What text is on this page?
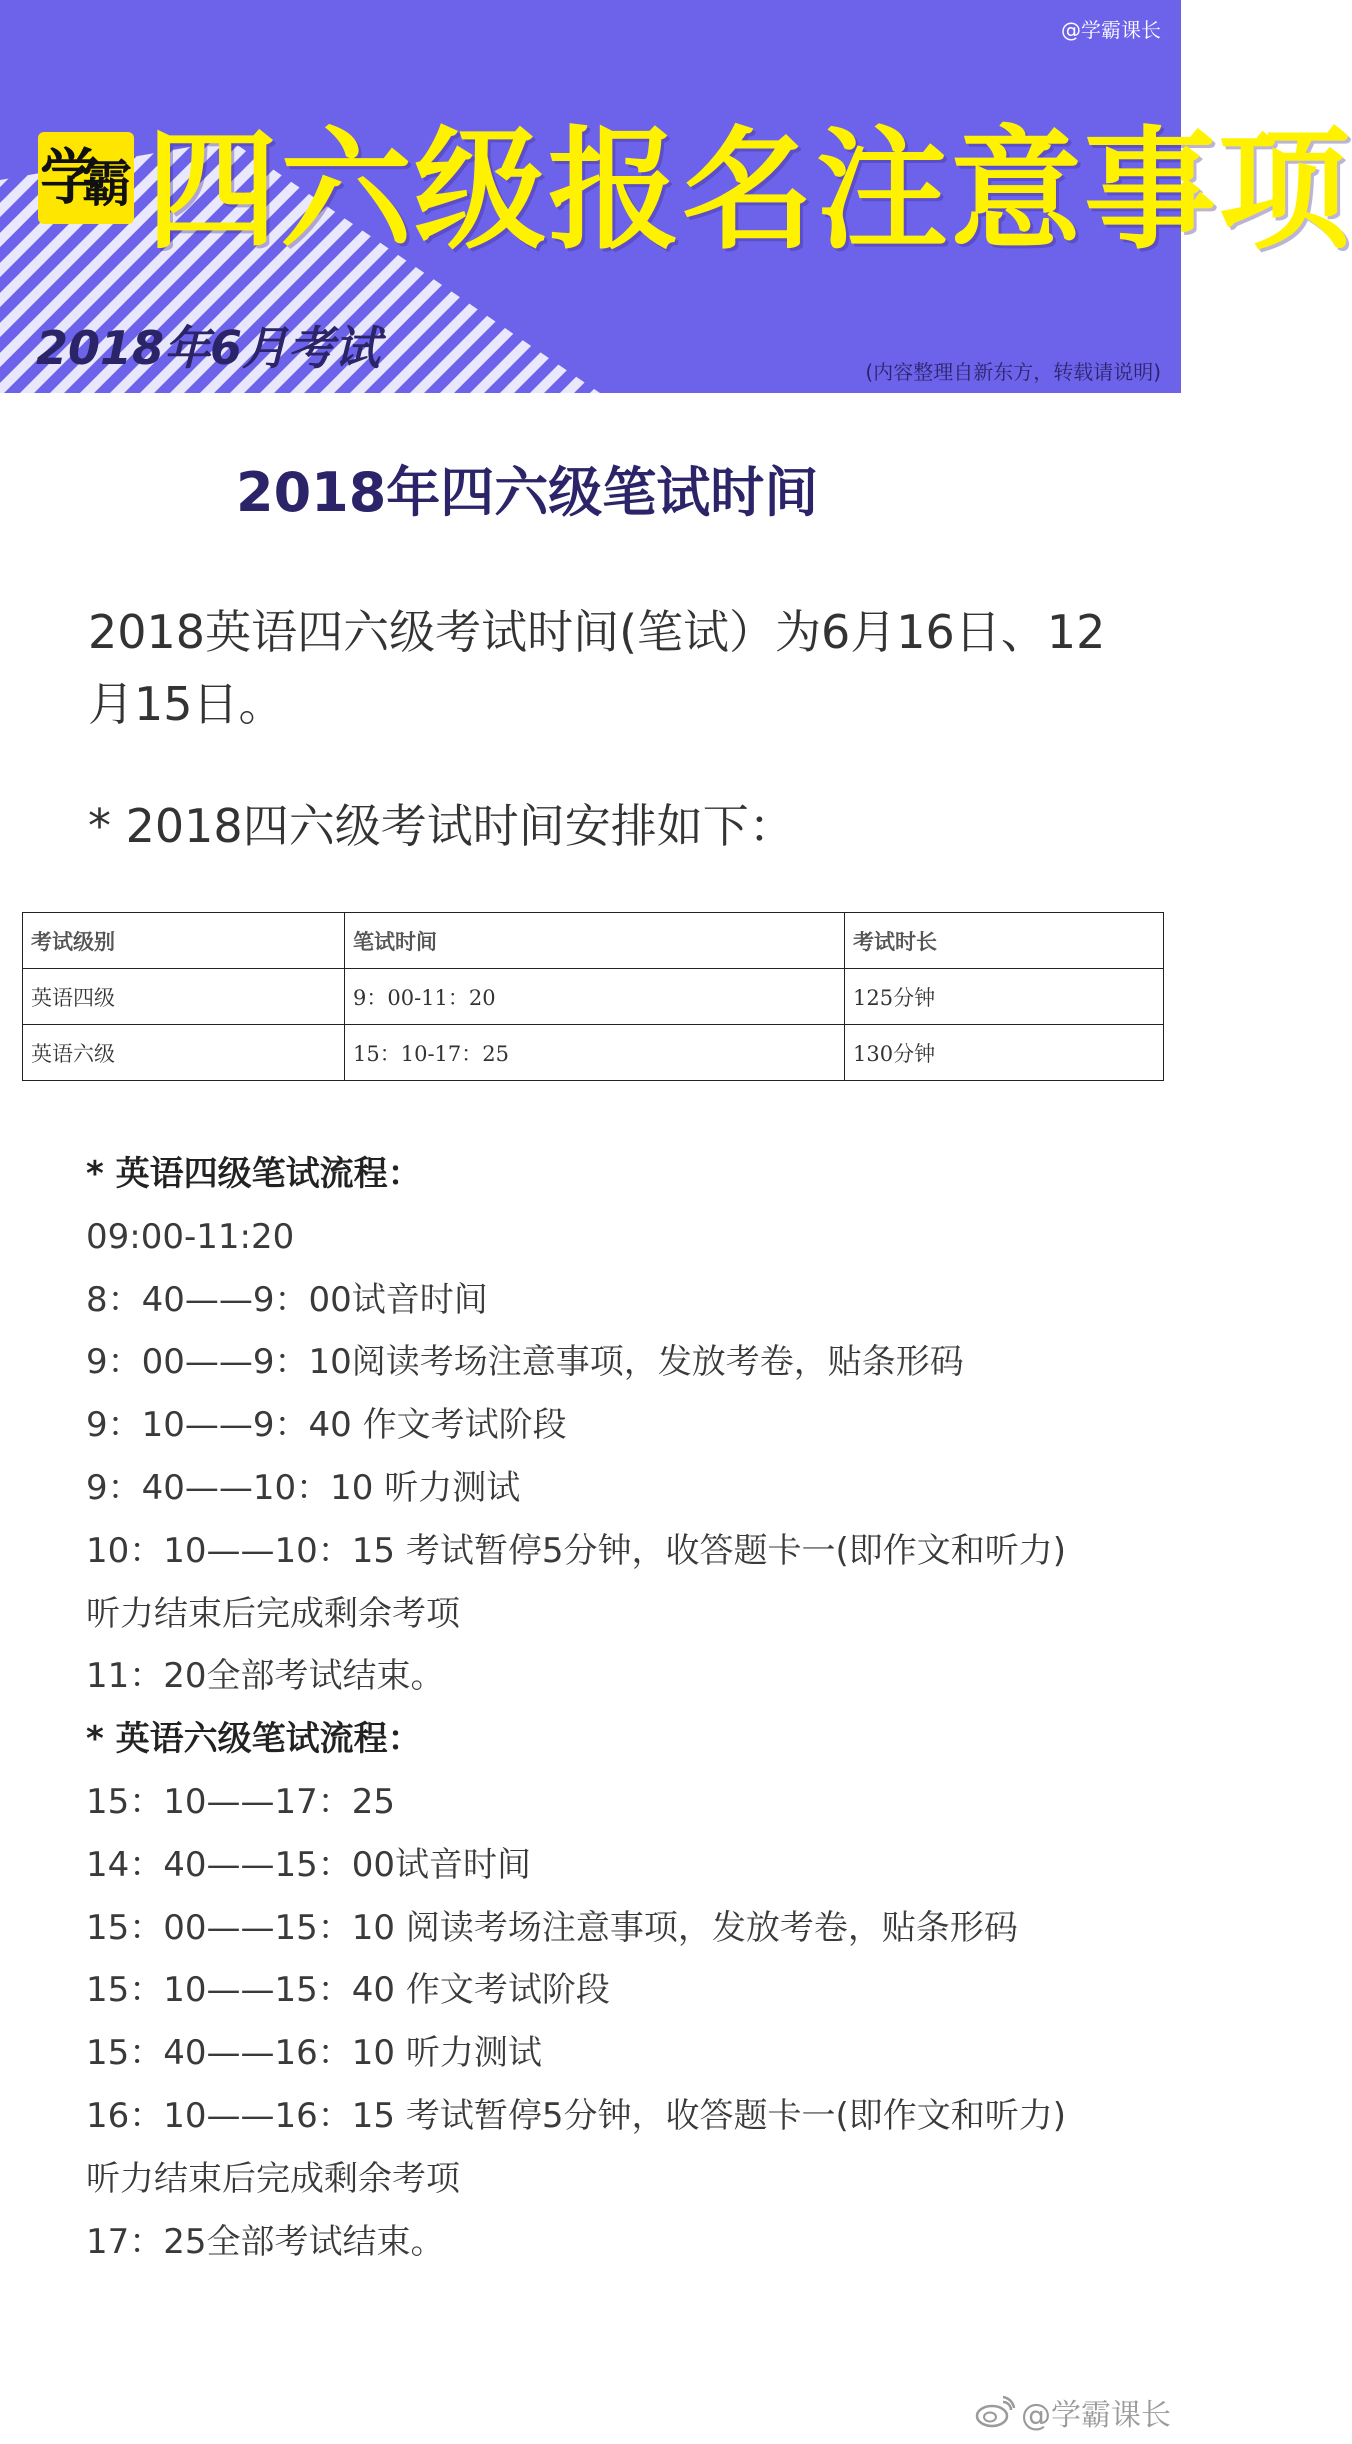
@学霸课长
学
霸 四六级报名注意事项
2018年6月考试	(内容整理自新东方，转载请说明)
2018年四六级笔试时间
2018英语四六级考试时间(笔试）为6月16日、12月15日。
* 2018四六级考试时间安排如下：
考试级别	笔试时间	考试时长
英语四级	9：00-11：20	125分钟
英语六级	15：10-17：25	130分钟
* 英语四级笔试流程：
09:00-11:20
8：40——9：00试音时间
9：00——9：10阅读考场注意事项，发放考卷，贴条形码
9：10——9：40 作文考试阶段
9：40——10：10 听力测试
10：10——10：15 考试暂停5分钟，收答题卡一(即作文和听力)
听力结束后完成剩余考项
11：20全部考试结束。
* 英语六级笔试流程：
15：10——17：25
14：40——15：00试音时间
15：00——15：10 阅读考场注意事项，发放考卷，贴条形码
15：10——15：40 作文考试阶段
15：40——16：10 听力测试
16：10——16：15 考试暂停5分钟，收答题卡一(即作文和听力)
听力结束后完成剩余考项
17：25全部考试结束。
@学霸课长
